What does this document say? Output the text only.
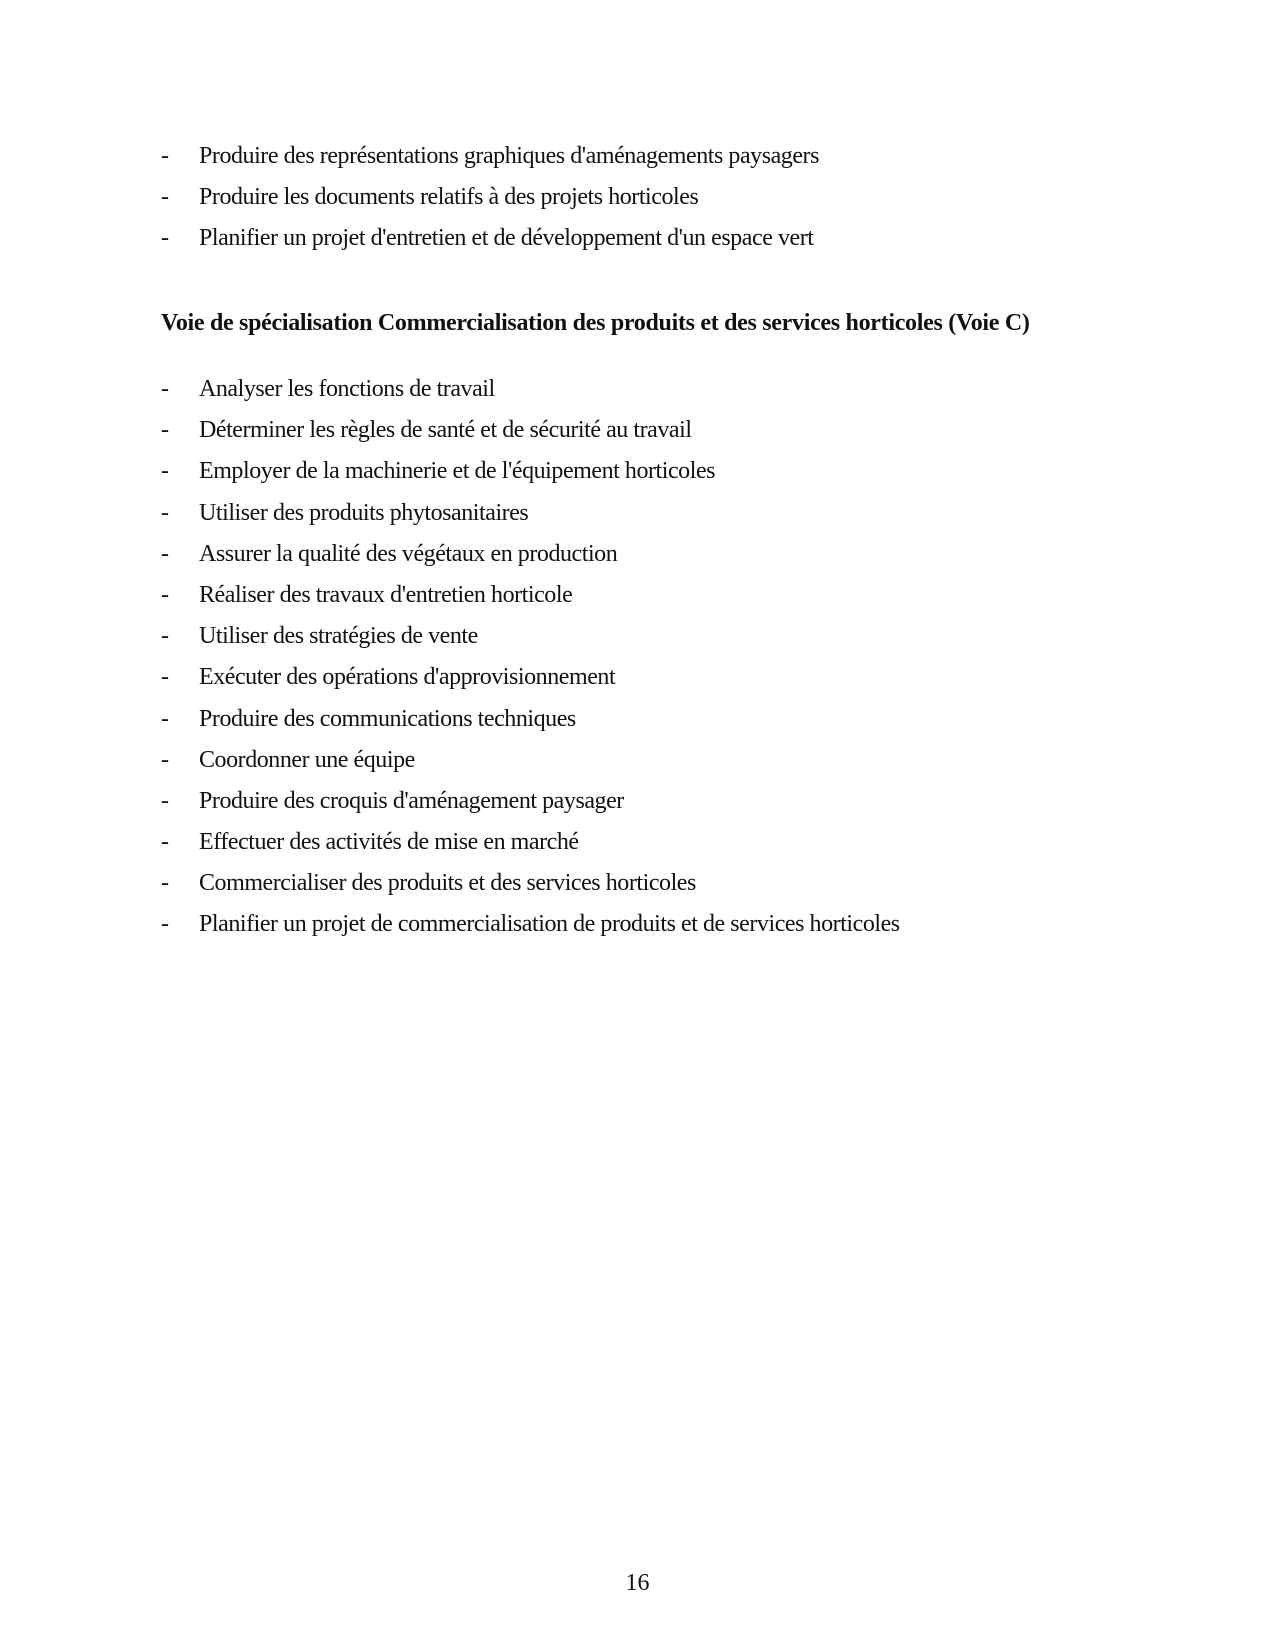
-	Produire des représentations graphiques d'aménagements paysagers
-	Produire les documents relatifs à des projets horticoles
-	Planifier un projet d'entretien et de développement d'un espace vert
Voie de spécialisation Commercialisation des produits et des services horticoles (Voie C)
-	Analyser les fonctions de travail
-	Déterminer les règles de santé et de sécurité au travail
-	Employer de la machinerie et de l'équipement horticoles
-	Utiliser des produits phytosanitaires
-	Assurer la qualité des végétaux en production
-	Réaliser des travaux d'entretien horticole
-	Utiliser des stratégies de vente
-	Exécuter des opérations d'approvisionnement
-	Produire des communications techniques
-	Coordonner une équipe
-	Produire des croquis d'aménagement paysager
-	Effectuer des activités de mise en marché
-	Commercialiser des produits et des services horticoles
-	Planifier un projet de commercialisation de produits et de services horticoles
16
